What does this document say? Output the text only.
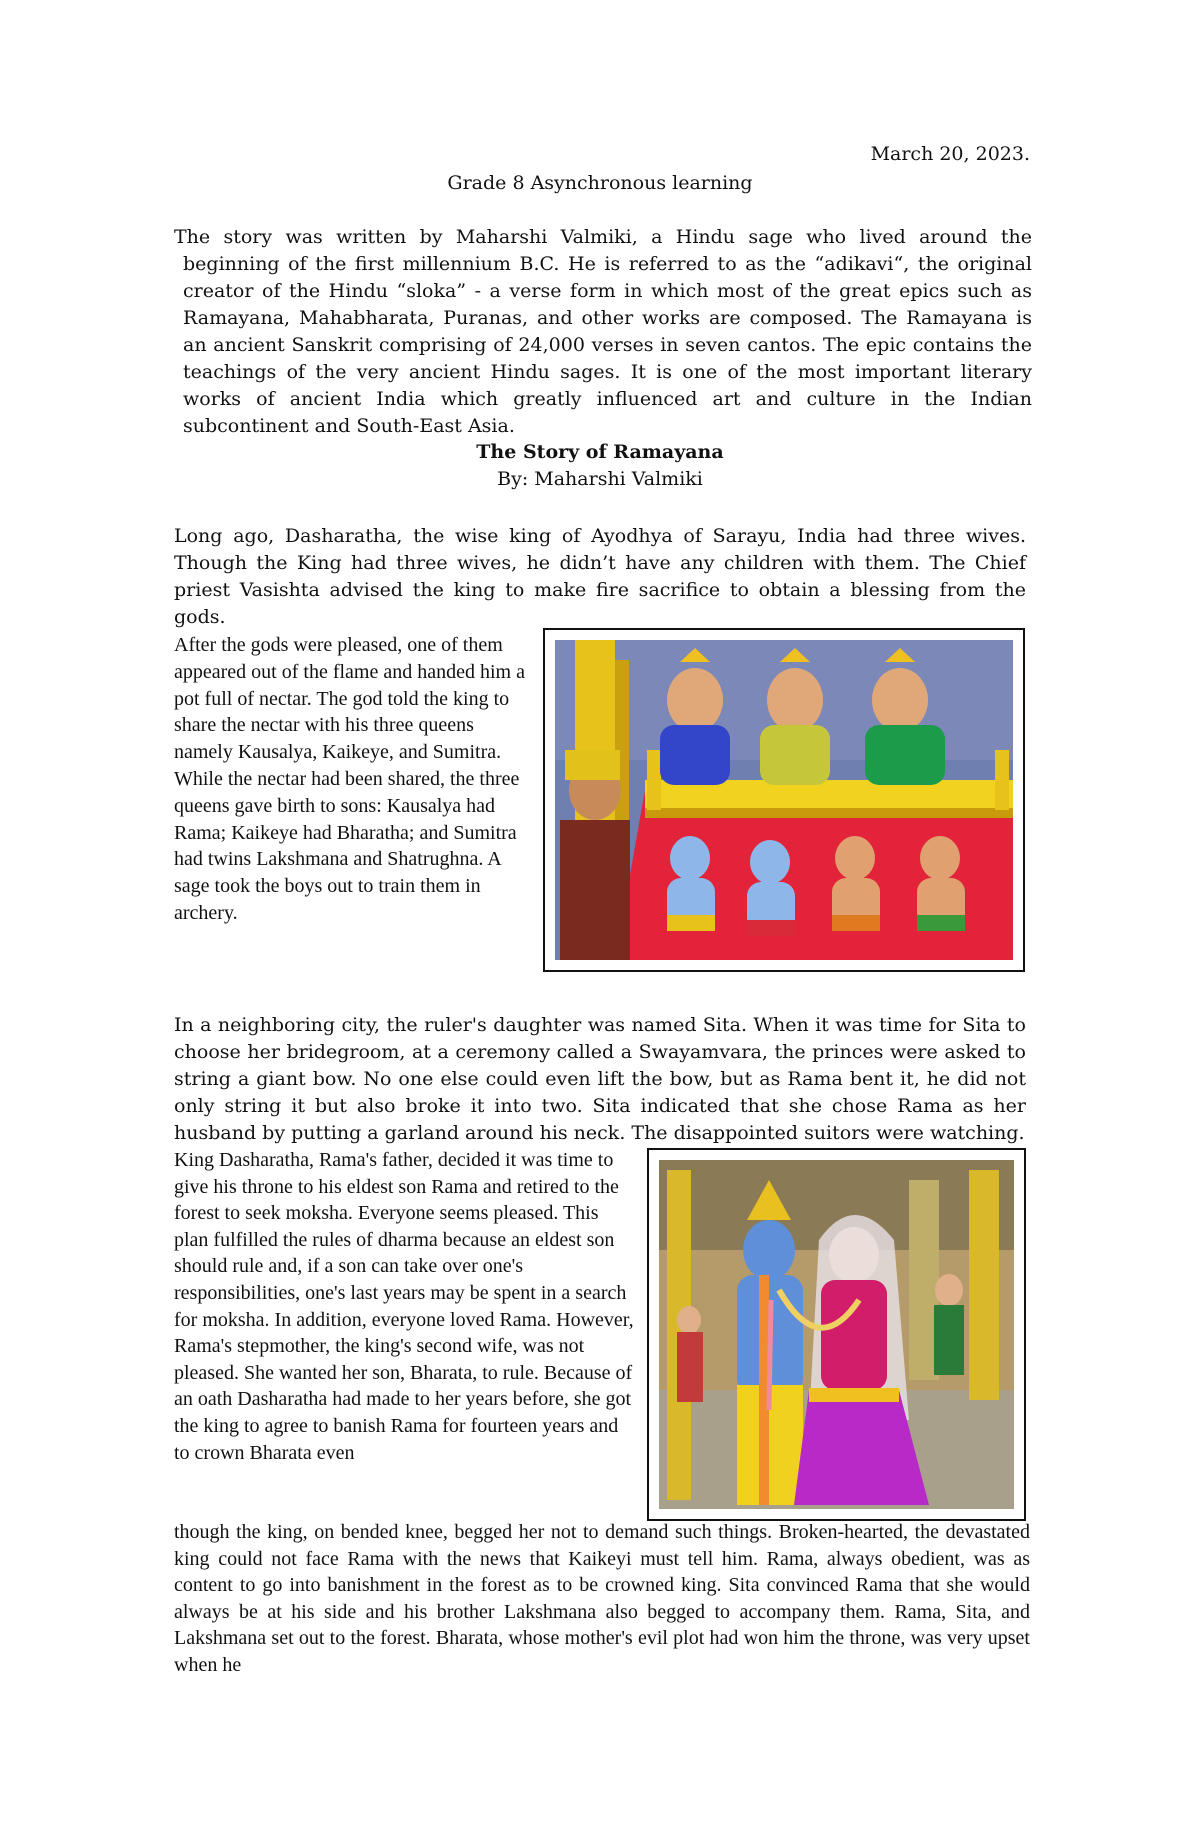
March 20, 2023.
Grade 8 Asynchronous learning
The story was written by Maharshi Valmiki, a Hindu sage who lived around the beginning of the first millennium B.C. He is referred to as the “adikavi“, the original creator of the Hindu “sloka” - a verse form in which most of the great epics such as Ramayana, Mahabharata, Puranas, and other works are composed. The Ramayana is an ancient Sanskrit comprising of 24,000 verses in seven cantos. The epic contains the teachings of the very ancient Hindu sages. It is one of the most important literary works of ancient India which greatly influenced art and culture in the Indian subcontinent and South-East Asia.
The Story of Ramayana
By: Maharshi Valmiki
Long ago, Dasharatha, the wise king of Ayodhya of Sarayu, India had three wives. Though the King had three wives, he didn’t have any children with them. The Chief priest Vasishta advised the king to make fire sacrifice to obtain a blessing from the gods.
After the gods were pleased, one of them appeared out of the flame and handed him a pot full of nectar. The god told the king to share the nectar with his three queens namely Kausalya, Kaikeye, and Sumitra. While the nectar had been shared, the three queens gave birth to sons: Kausalya had Rama; Kaikeye had Bharatha; and Sumitra had twins Lakshmana and Shatrughna. A sage took the boys out to train them in archery.
In a neighboring city, the ruler's daughter was named Sita. When it was time for Sita to choose her bridegroom, at a ceremony called a Swayamvara, the princes were asked to string a giant bow. No one else could even lift the bow, but as Rama bent it, he did not only string it but also broke it into two. Sita indicated that she chose Rama as her husband by putting a garland around his neck. The disappointed suitors were watching.
King Dasharatha, Rama's father, decided it was time to give his throne to his eldest son Rama and retired to the forest to seek moksha. Everyone seems pleased. This plan fulfilled the rules of dharma because an eldest son should rule and, if a son can take over one's responsibilities, one's last years may be spent in a search for moksha. In addition, everyone loved Rama. However, Rama's stepmother, the king's second wife, was not pleased. She wanted her son, Bharata, to rule. Because of an oath Dasharatha had made to her years before, she got the king to agree to banish Rama for fourteen years and to crown Bharata even
though the king, on bended knee, begged her not to demand such things. Broken-hearted, the devastated king could not face Rama with the news that Kaikeyi must tell him. Rama, always obedient, was as content to go into banishment in the forest as to be crowned king. Sita convinced Rama that she would always be at his side and his brother Lakshmana also begged to accompany them. Rama, Sita, and Lakshmana set out to the forest. Bharata, whose mother's evil plot had won him the throne, was very upset when he
